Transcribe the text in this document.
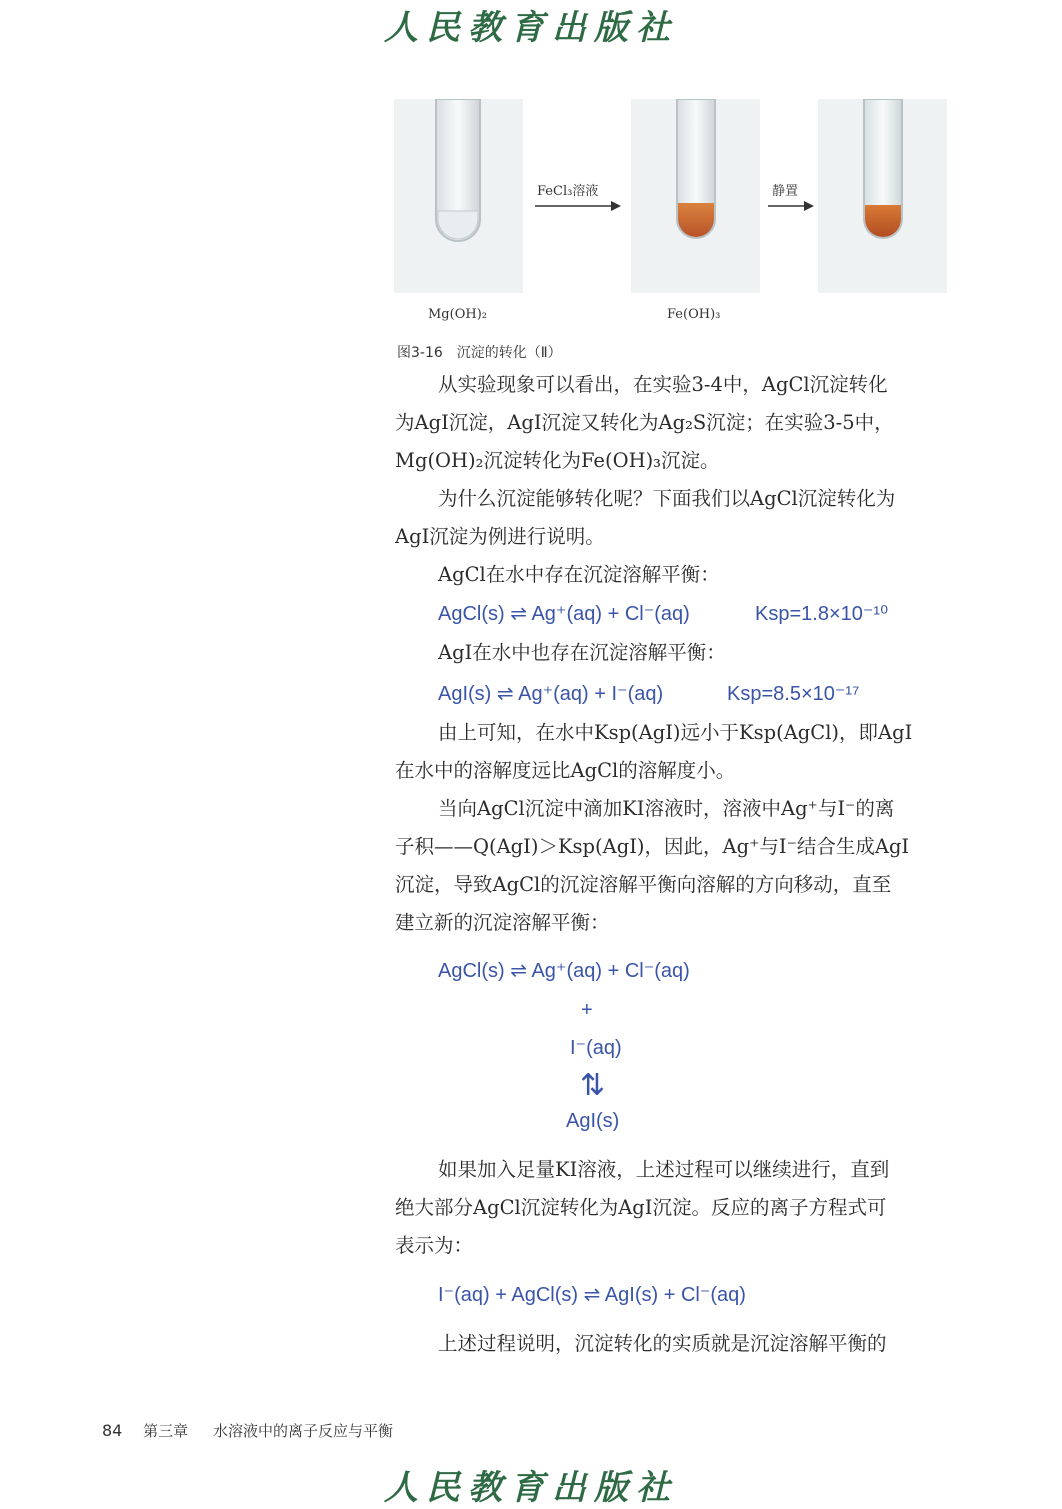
人民教育出版社
FeCl₃溶液	静置
Mg(OH)₂	Fe(OH)₃
图3-16　沉淀的转化（Ⅱ）
从实验现象可以看出，在实验3-4中，AgCl沉淀转化
为AgI沉淀，AgI沉淀又转化为Ag₂S沉淀；在实验3-5中，
Mg(OH)₂沉淀转化为Fe(OH)₃沉淀。
为什么沉淀能够转化呢？下面我们以AgCl沉淀转化为
AgI沉淀为例进行说明。
AgCl在水中存在沉淀溶解平衡：
AgCl(s) ⇌ Ag⁺(aq) + Cl⁻(aq)	Ksp=1.8×10⁻¹⁰
AgI在水中也存在沉淀溶解平衡：
AgI(s) ⇌ Ag⁺(aq) + I⁻(aq)	Ksp=8.5×10⁻¹⁷
由上可知，在水中Ksp(AgI)远小于Ksp(AgCl)，即AgI
在水中的溶解度远比AgCl的溶解度小。
当向AgCl沉淀中滴加KI溶液时，溶液中Ag⁺与I⁻的离
子积——Q(AgI)＞Ksp(AgI)，因此，Ag⁺与I⁻结合生成AgI
沉淀，导致AgCl的沉淀溶解平衡向溶解的方向移动，直至
建立新的沉淀溶解平衡：
AgCl(s) ⇌ Ag⁺(aq) + Cl⁻(aq)
+
I⁻(aq)
⇅
AgI(s)
如果加入足量KI溶液，上述过程可以继续进行，直到
绝大部分AgCl沉淀转化为AgI沉淀。反应的离子方程式可
表示为：
I⁻(aq) + AgCl(s) ⇌ AgI(s) + Cl⁻(aq)
上述过程说明，沉淀转化的实质就是沉淀溶解平衡的
84 第三章 水溶液中的离子反应与平衡
人民教育出版社
